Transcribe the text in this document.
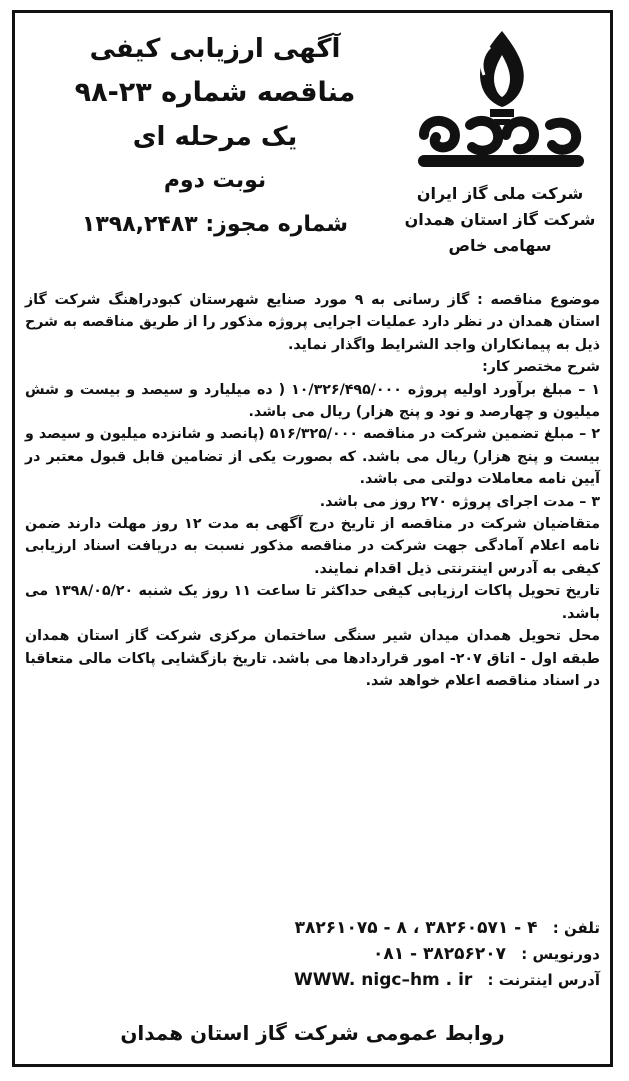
شرکت ملی گاز ایران
شرکت گاز استان همدان
سهامی خاص
آگهی ارزیابی کیفی
مناقصه شماره ۲۳-۹۸
یک مرحله ای
نوبت دوم
شماره مجوز: ۱۳۹۸,۲۴۸۳

موضوع مناقصه : گاز رسانی به ۹ مورد صنایع شهرستان کبودراهنگ شرکت گاز استان همدان در نظر دارد عملیات اجرایی پروژه مذکور را از طریق مناقصه به شرح ذیل به پیمانکاران واجد الشرایط واگذار نماید.

شرح مختصر کار:

۱ – مبلغ برآورد اولیه پروژه ۱۰/۳۲۶/۴۹۵/۰۰۰ ( ده میلیارد و سیصد و بیست و شش میلیون و چهارصد و نود و پنج هزار) ریال می باشد.

۲ – مبلغ تضمین شرکت در مناقصه ۵۱۶/۳۲۵/۰۰۰ (پانصد و شانزده میلیون و سیصد و بیست و پنج هزار) ریال می باشد. که بصورت یکی از تضامین قابل قبول معتبر در آیین نامه معاملات دولتی می باشد.

۳ – مدت اجرای پروژه ۲۷۰ روز می باشد.

متقاضیان شرکت در مناقصه از تاریخ درج آگهی به مدت ۱۲ روز مهلت دارند ضمن نامه اعلام آمادگی جهت شرکت در مناقصه مذکور نسبت به دریافت اسناد ارزیابی کیفی به آدرس اینترنتی ذیل اقدام نمایند.

تاریخ تحویل پاکات ارزیابی کیفی حداکثر تا ساعت ۱۱ روز یک شنبه ۱۳۹۸/۰۵/۲۰ می باشد.

محل تحویل همدان میدان شیر سنگی ساختمان مرکزی شرکت گاز استان همدان طبقه اول - اتاق ۲۰۷- امور قراردادها می باشد. تاریخ بازگشایی پاکات مالی متعاقبا در اسناد مناقصه اعلام خواهد شد.

تلفن : ۳۸۲۶۱۰۷۵ - ۸ ، ۳۸۲۶۰۵۷۱ - ۴
دورنویس : ۰۸۱ - ۳۸۲۵۶۲۰۷
آدرس اینترنت : WWW. nigc–hm . ir
روابط عمومی شرکت گاز استان همدان
